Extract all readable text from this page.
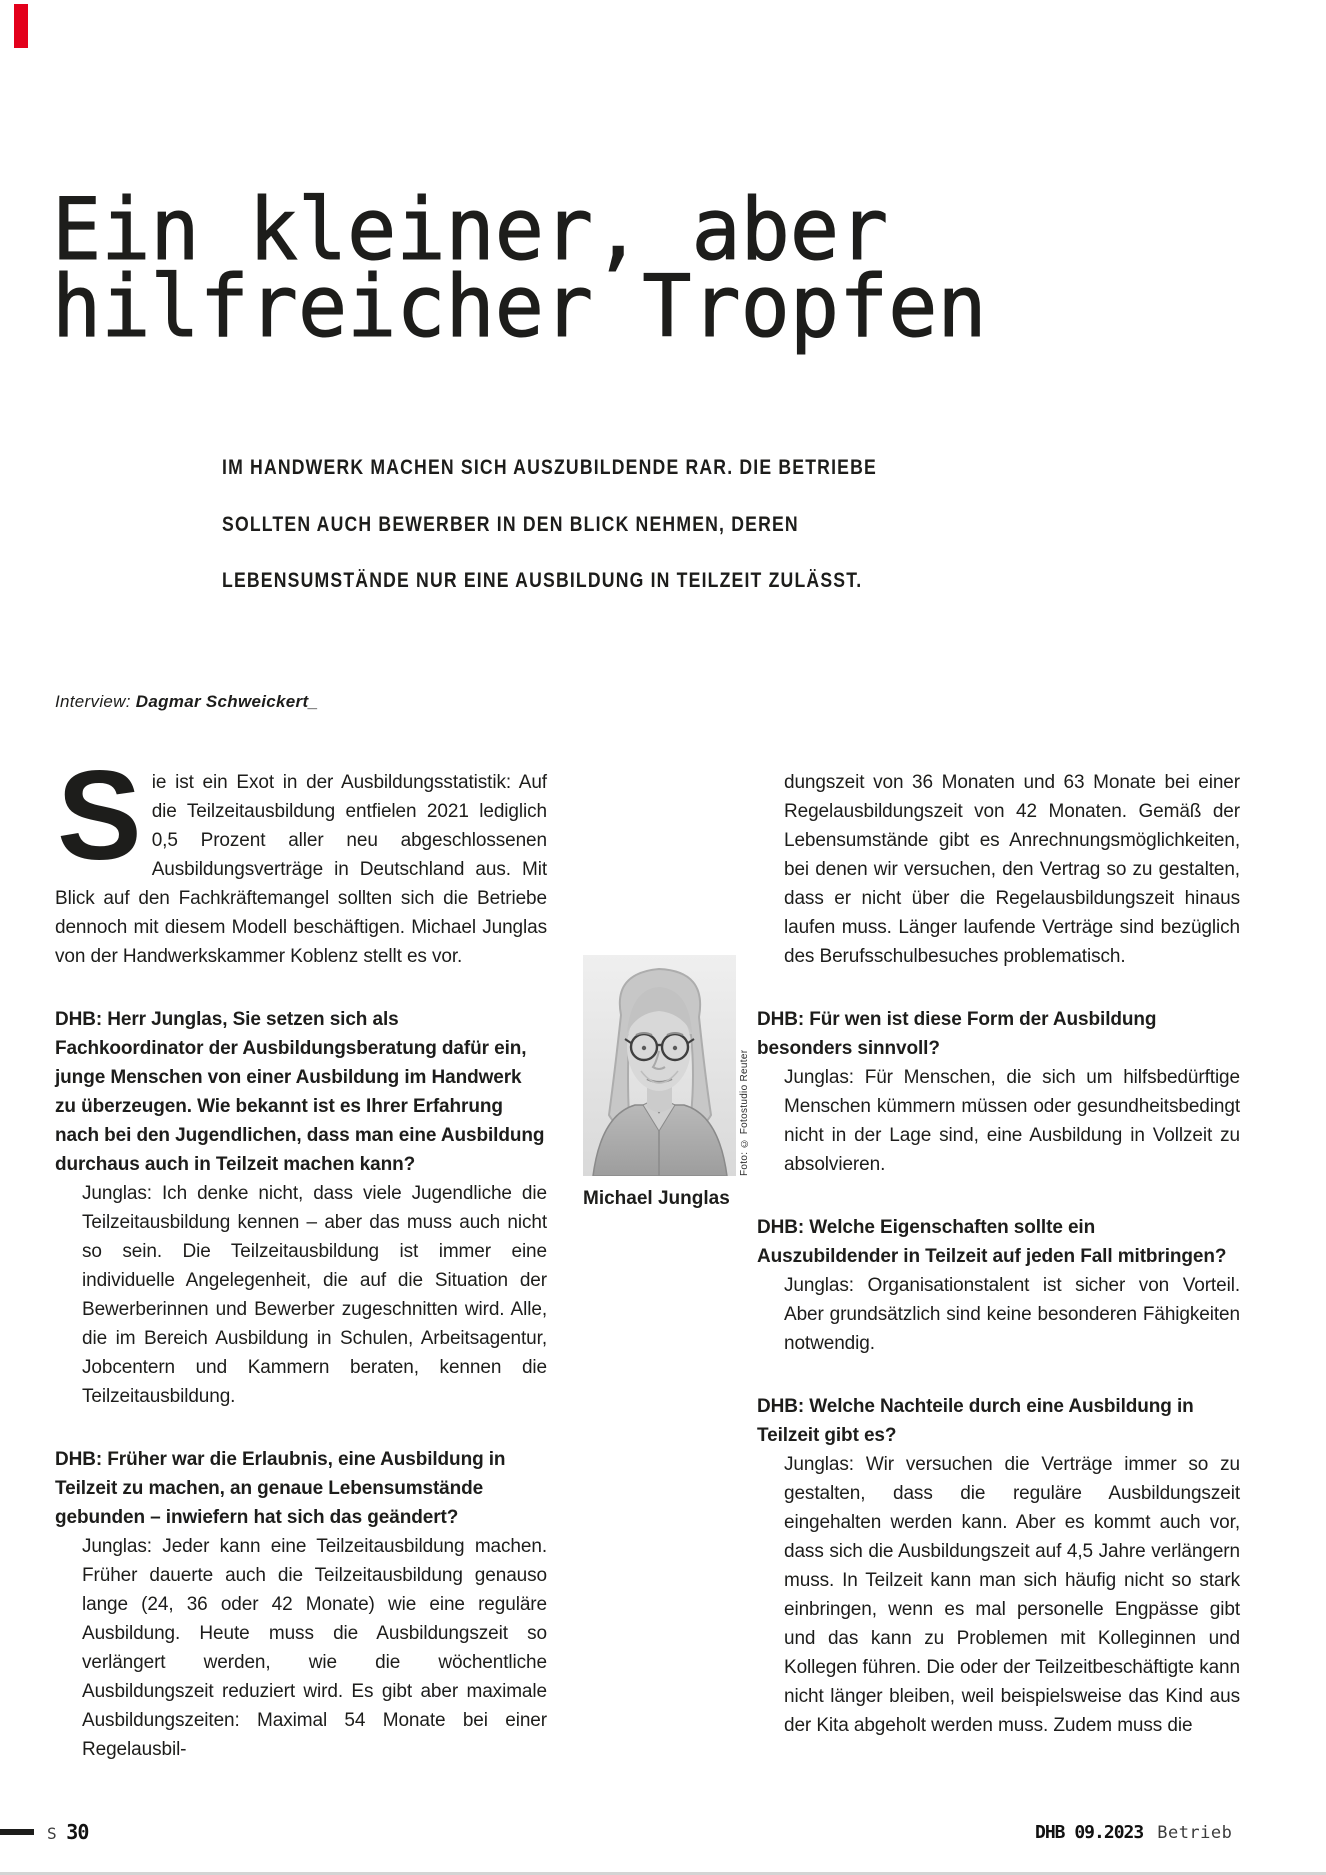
Ein kleiner, aber
hilfreicher Tropfen
IM HANDWERK MACHEN SICH AUSZUBILDENDE RAR. DIE BETRIEBE
SOLLTEN AUCH BEWERBER IN DEN BLICK NEHMEN, DEREN
LEBENSUMSTÄNDE NUR EINE AUSBILDUNG IN TEILZEIT ZULÄSST.
Interview: Dagmar Schweickert_

Sie ist ein Exot in der Ausbildungsstatistik: Auf die Teilzeitausbildung entfielen 2021 lediglich 0,5 Prozent aller neu abgeschlossenen Ausbildungsverträge in Deutschland aus. Mit Blick auf den Fachkräftemangel sollten sich die Betriebe dennoch mit diesem Modell beschäftigen. Michael Junglas von der Handwerkskammer Koblenz stellt es vor.

DHB: Herr Junglas, Sie setzen sich als Fachkoordinator der Ausbildungsberatung dafür ein, junge Menschen von einer Ausbildung im Handwerk zu überzeugen. Wie bekannt ist es Ihrer Erfahrung nach bei den Jugendlichen, dass man eine Ausbildung durchaus auch in Teilzeit machen kann?

Junglas: Ich denke nicht, dass viele Jugendliche die Teilzeitausbildung kennen – aber das muss auch nicht so sein. Die Teilzeitausbildung ist immer eine individuelle Angelegenheit, die auf die Situation der Bewerberinnen und Bewerber zugeschnitten wird. Alle, die im Bereich Ausbildung in Schulen, Arbeitsagentur, Jobcentern und Kammern beraten, kennen die Teilzeitausbildung.

DHB: Früher war die Erlaubnis, eine Ausbildung in Teilzeit zu machen, an genaue Lebensumstände gebunden – inwiefern hat sich das geändert?

Junglas: Jeder kann eine Teilzeitausbildung machen. Früher dauerte auch die Teilzeitausbildung genauso lange (24, 36 oder 42 Monate) wie eine reguläre Ausbildung. Heute muss die Ausbildungszeit so verlängert werden, wie die wöchentliche Ausbildungszeit reduziert wird. Es gibt aber maximale Ausbildungszeiten: Maximal 54 Monate bei einer Regelausbil-

dungszeit von 36 Monaten und 63 Monate bei einer Regelausbildungszeit von 42 Monaten. Gemäß der Lebensumstände gibt es Anrechnungsmöglichkeiten, bei denen wir versuchen, den Vertrag so zu gestalten, dass er nicht über die Regelausbildungszeit hinaus laufen muss. Länger laufende Verträge sind bezüglich des Berufsschulbesuches problematisch.

DHB: Für wen ist diese Form der Ausbildung besonders sinnvoll?

Junglas: Für Menschen, die sich um hilfsbedürftige Menschen kümmern müssen oder gesundheitsbedingt nicht in der Lage sind, eine Ausbildung in Vollzeit zu absolvieren.

DHB: Welche Eigenschaften sollte ein Auszubildender in Teilzeit auf jeden Fall mitbringen?

Junglas: Organisationstalent ist sicher von Vorteil. Aber grundsätzlich sind keine besonderen Fähigkeiten notwendig.

DHB: Welche Nachteile durch eine Ausbildung in Teilzeit gibt es?

Junglas: Wir versuchen die Verträge immer so zu gestalten, dass die reguläre Ausbildungszeit eingehalten werden kann. Aber es kommt auch vor, dass sich die Ausbildungszeit auf 4,5 Jahre verlängern muss. In Teilzeit kann man sich häufig nicht so stark einbringen, wenn es mal personelle Engpässe gibt und das kann zu Problemen mit Kolleginnen und Kollegen führen. Die oder der Teilzeitbeschäftigte kann nicht länger bleiben, weil beispielsweise das Kind aus der Kita abgeholt werden muss. Zudem muss die

Foto: © Fotostudio Reuter
Michael Junglas
S 30	DHB 09.2023 Betrieb
